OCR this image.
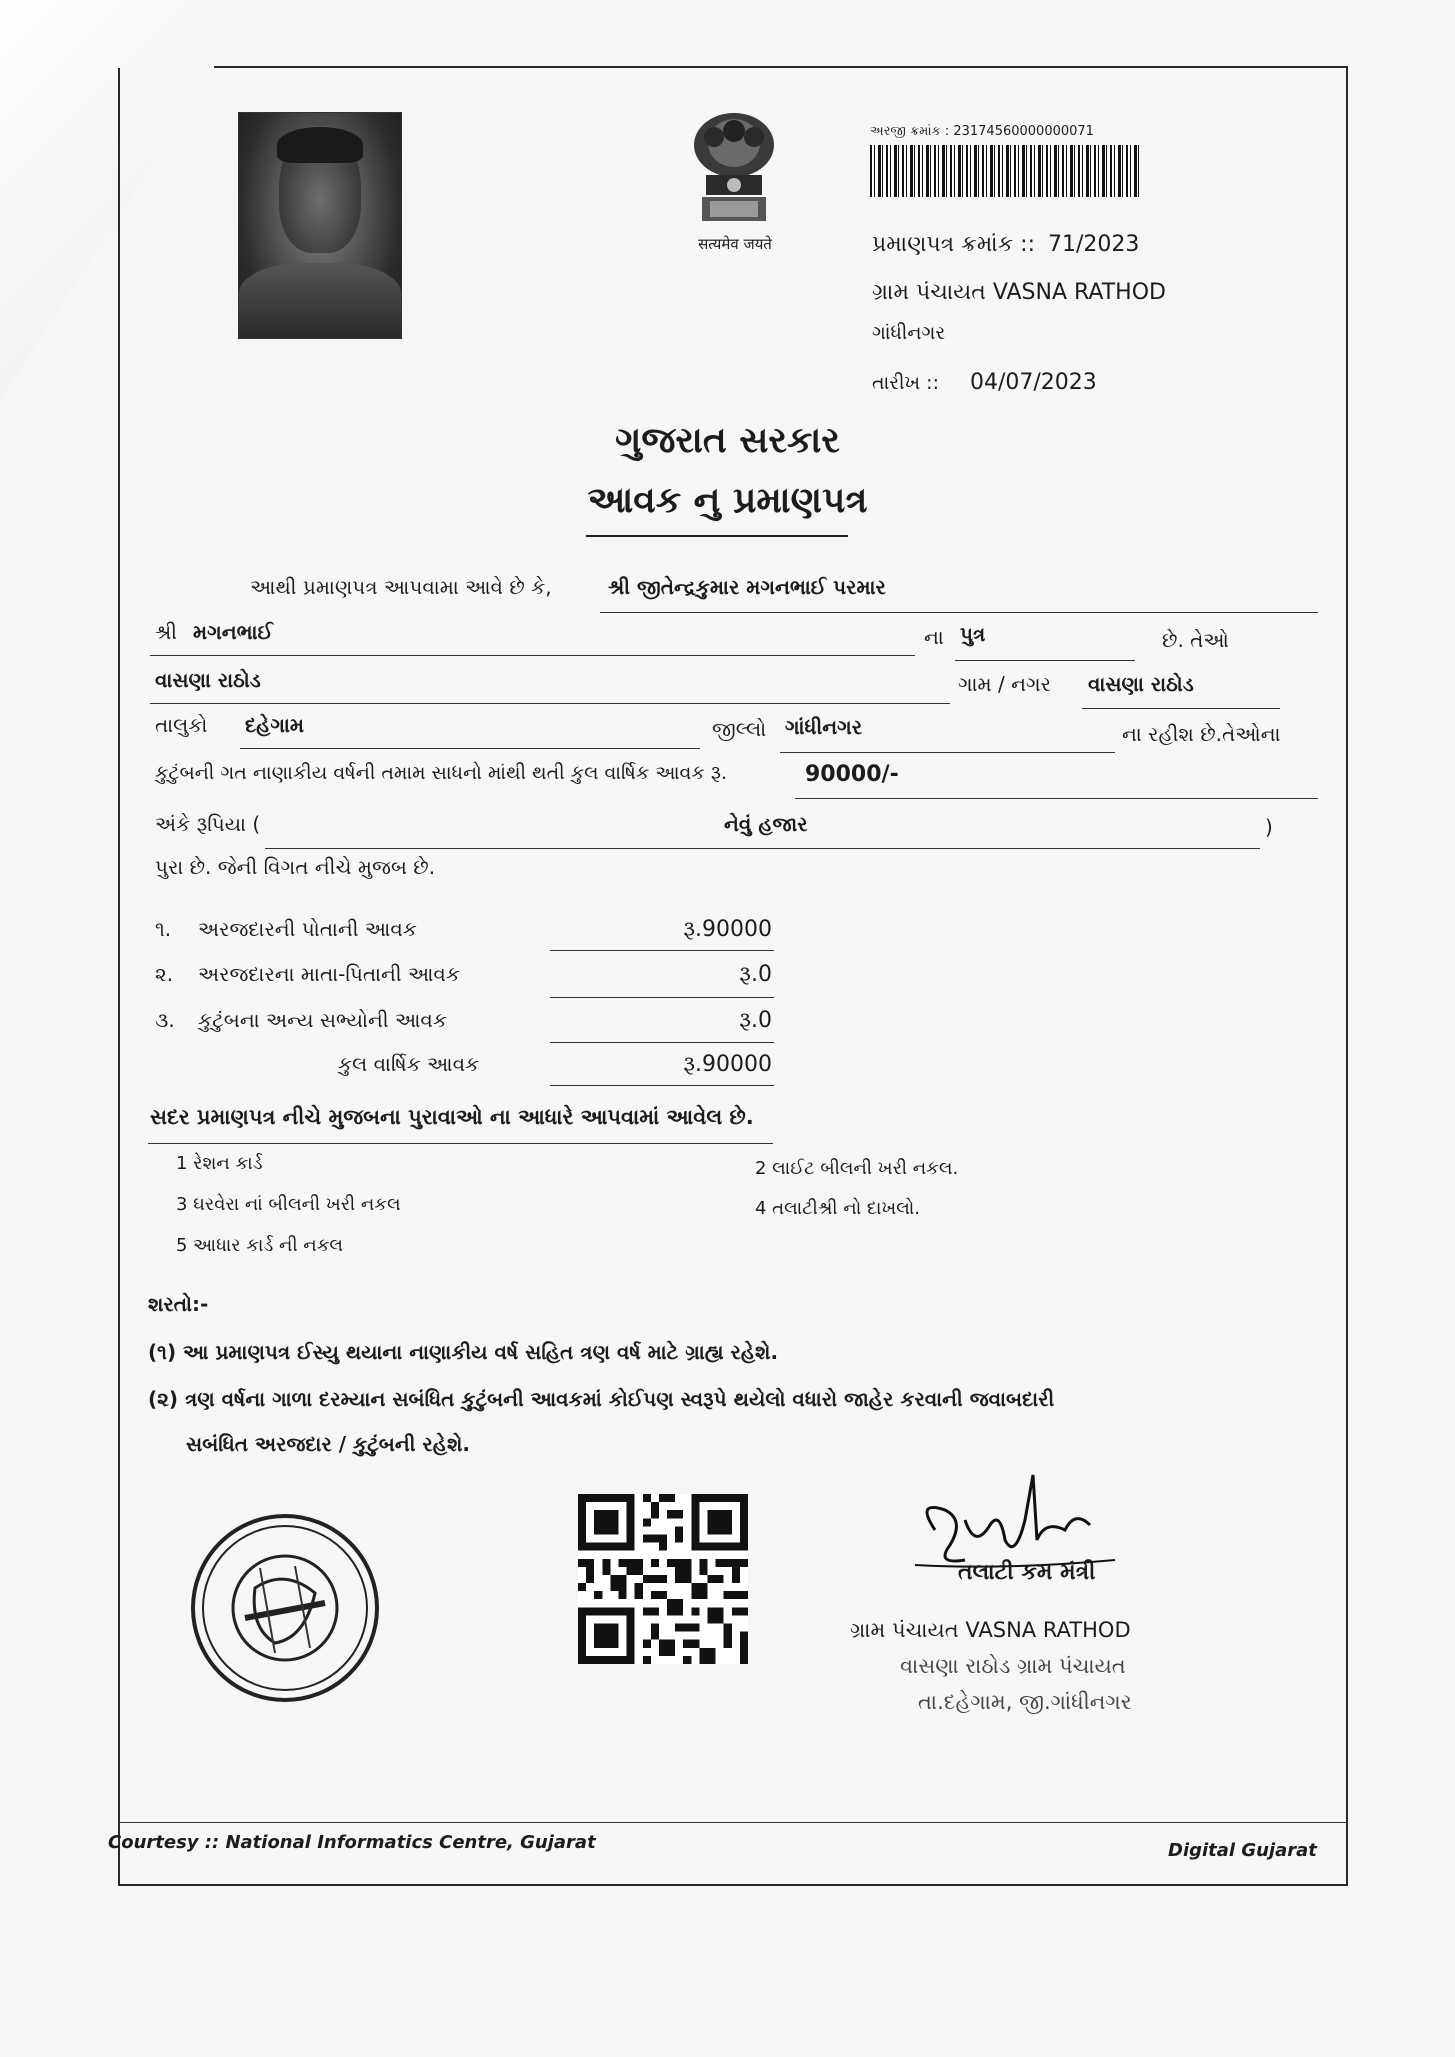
सत्यमेव जयते
અરજી ક્રમાંક : 23174560000000071
પ્રમાણપત્ર ક્રમાંક :: 71/2023
ગ્રામ પંચાયત VASNA RATHOD
ગાંધીનગર
તારીખ :: 04/07/2023
ગુજરાત સરકાર
આવક નુ પ્રમાણપત્ર
આથી પ્રમાણપત્ર આપવામા આવે છે કે,	શ્રી જીતેન્દ્રકુમાર મગનભાઈ પરમાર
શ્રી મગનભાઈ	ના પુત્ર	છે. તેઓ
વાસણા રાઠોડ	ગામ / નગર વાસણા રાઠોડ
તાલુકો દહેગામ	જીલ્લો ગાંધીનગર	ના રહીશ છે.તેઓના
કુટુંબની ગત નાણાકીય વર્ષની તમામ સાધનો માંથી થતી કુલ વાર્ષિક આવક રૂ.	90000/-
અંકે રૂપિયા (	નેવું હજાર	)
પુરા છે. જેની વિગત નીચે મુજબ છે.
૧. અરજદારની પોતાની આવક	રૂ.90000
૨. અરજદારના માતા-પિતાની આવક	રૂ.0
૩. કુટુંબના અન્ય સભ્યોની આવક	રૂ.0
કુલ વાર્ષિક આવક	રૂ.90000
સદર પ્રમાણપત્ર નીચે મુજબના પુરાવાઓ ના આધારે આપવામાં આવેલ છે.
1 રેશન કાર્ડ	2 લાઈટ બીલની ખરી નકલ.
3 ઘરવેરા નાં બીલની ખરી નકલ	4 તલાટીશ્રી નો દાખલો.
5 આધાર કાર્ડ ની નકલ
શરતો:-
(૧) આ પ્રમાણપત્ર ઈસ્યુ થયાના નાણાકીય વર્ષ સહિત ત્રણ વર્ષ માટે ગ્રાહ્ય રહેશે.
(૨) ત્રણ વર્ષના ગાળા દરમ્યાન સબંધિત કુટુંબની આવકમાં કોઈપણ સ્વરૂપે થયેલો વધારો જાહેર કરવાની જવાબદારી
સબંધિત અરજદાર / કુટુંબની રહેશે.
તલાટી કમ મંત્રી
ગ્રામ પંચાયત VASNA RATHOD
વાસણા રાઠોડ ગ્રામ પંચાયત
તા.દહેગામ, જી.ગાંધીનગર
Courtesy :: National Informatics Centre, Gujarat	Digital Gujarat
